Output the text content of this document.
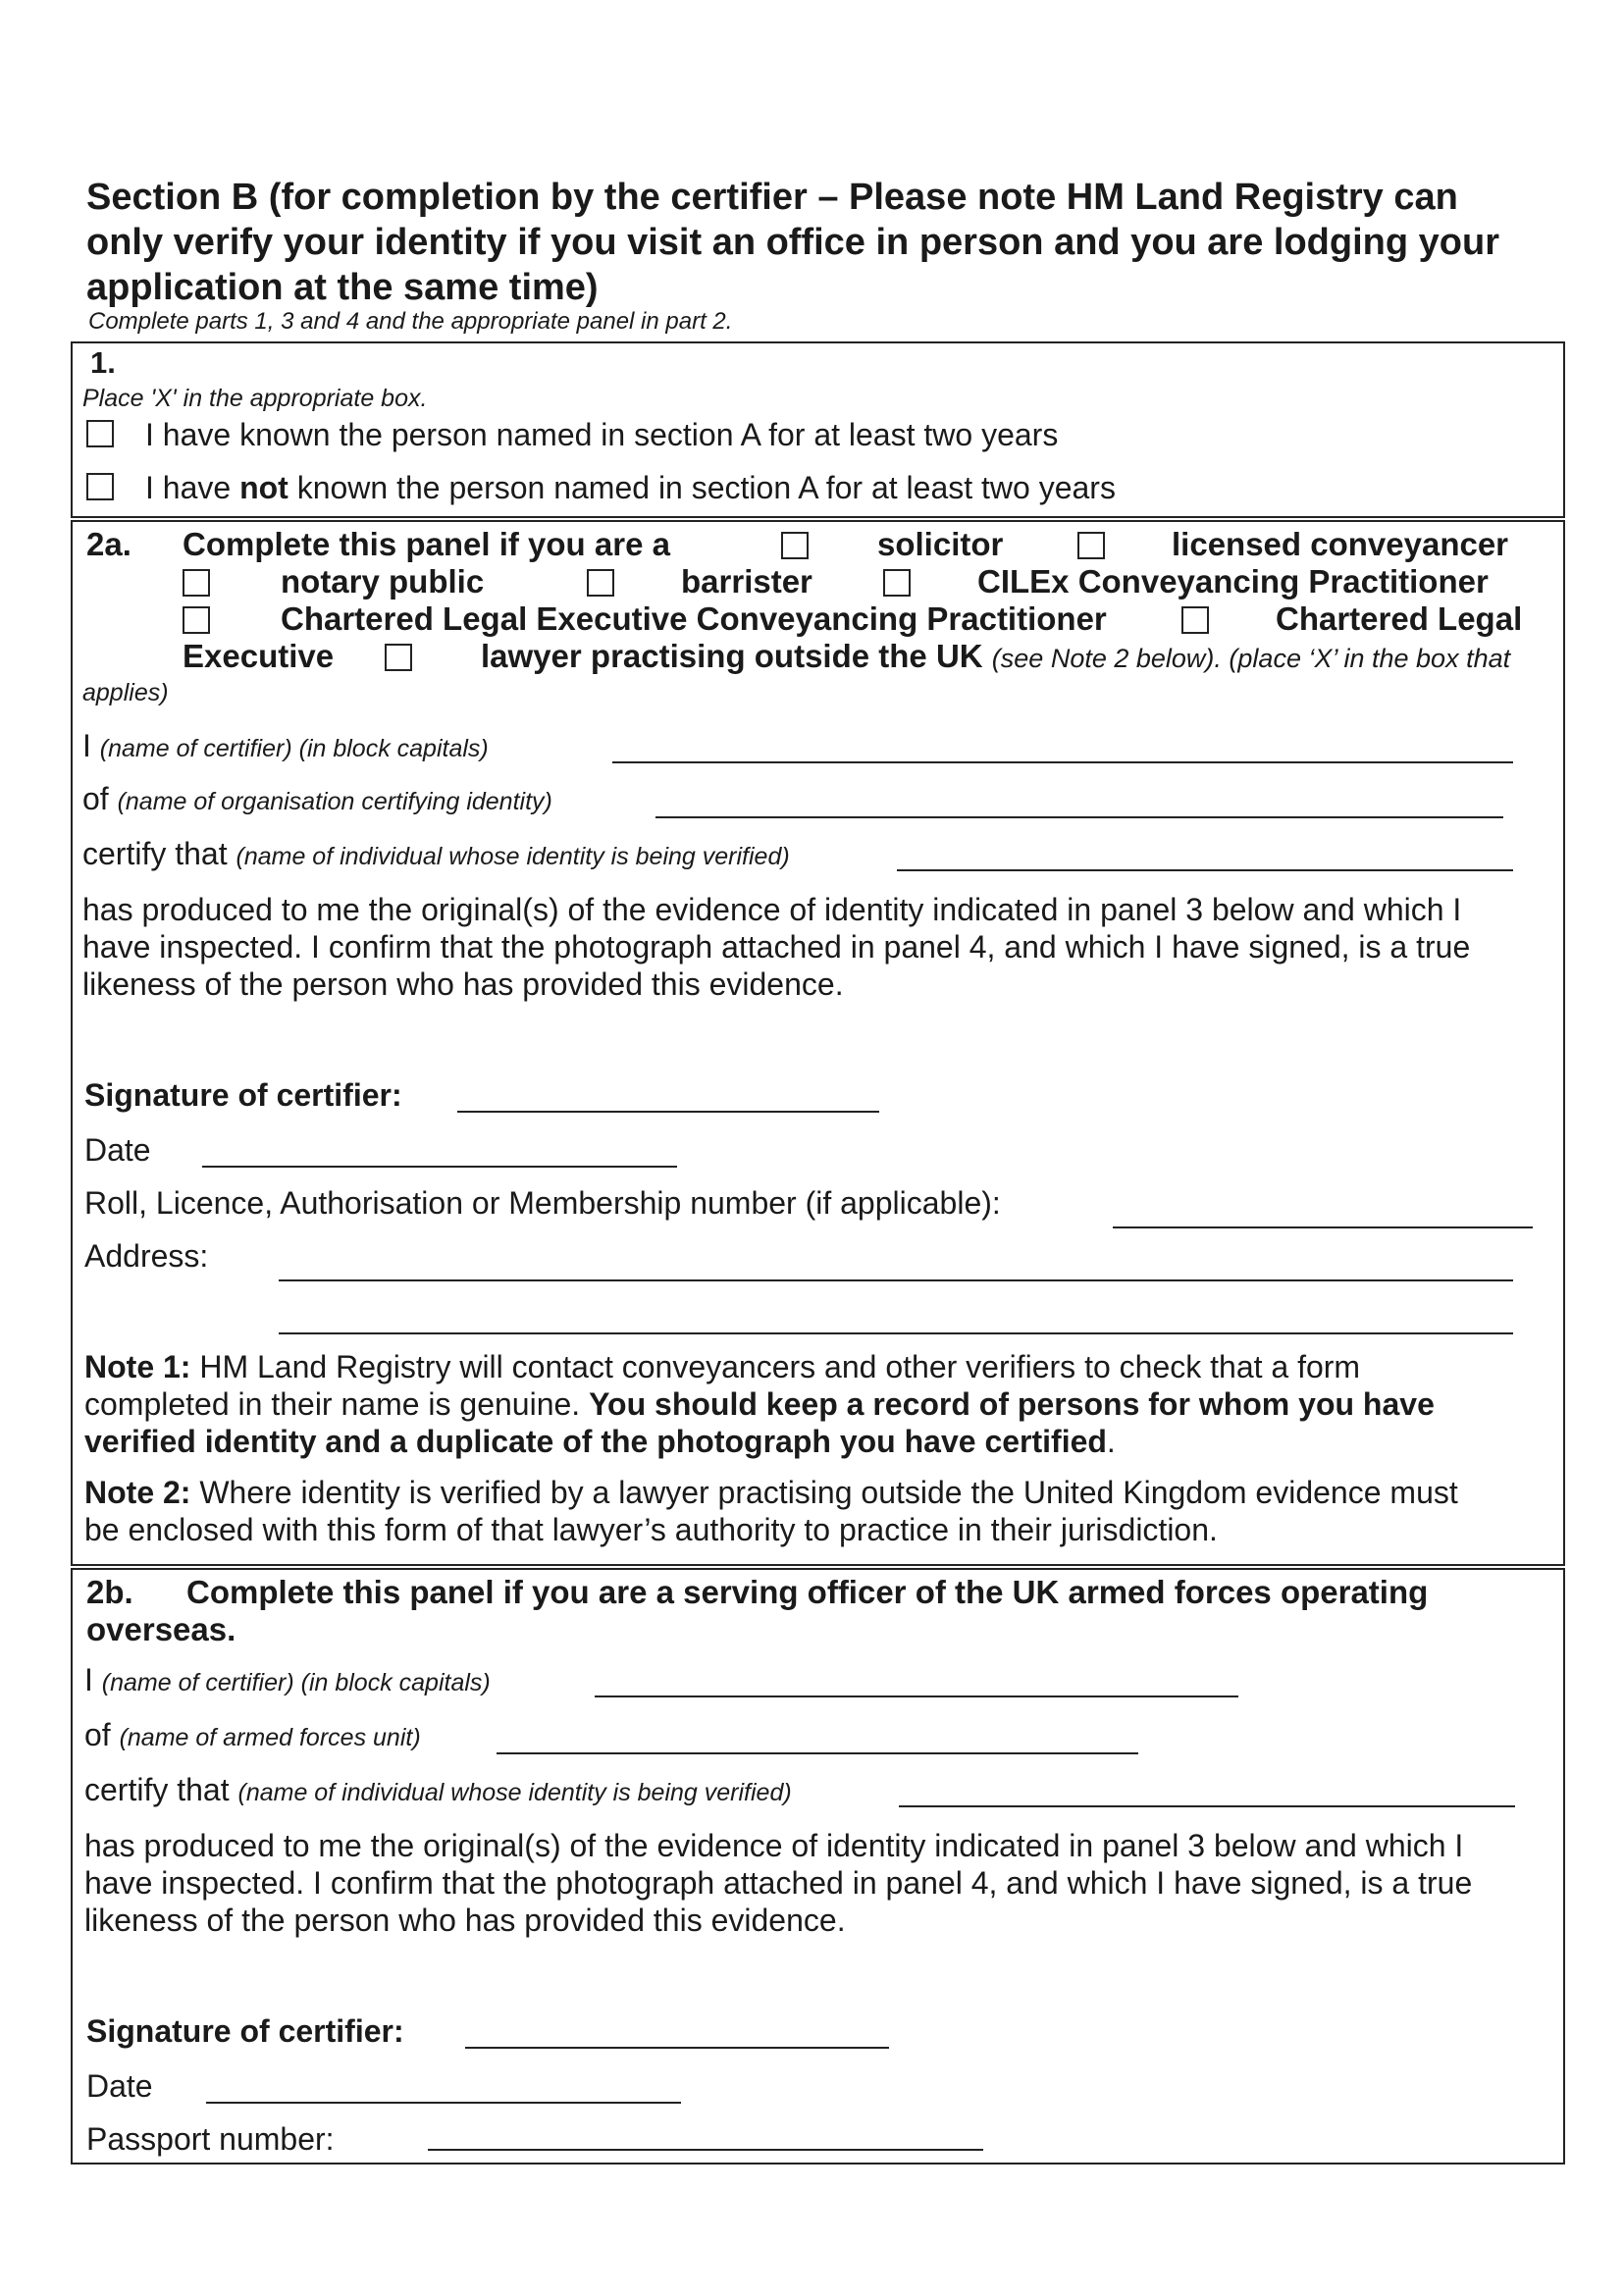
Section B (for completion by the certifier – Please note HM Land Registry can only verify your identity if you visit an office in person and you are lodging your application at the same time)
Complete parts 1, 3 and 4 and the appropriate panel in part 2.
1.
Place 'X' in the appropriate box.
I have known the person named in section A for at least two years
I have not known the person named in section A for at least two years
2a. Complete this panel if you are a	solicitor	licensed conveyancer
notary public	barrister	CILEx Conveyancing Practitioner
Chartered Legal Executive Conveyancing Practitioner	Chartered Legal
Executive	lawyer practising outside the UK (see Note 2 below). (place ‘X’ in the box that
applies)
I (name of certifier) (in block capitals)
of (name of organisation certifying identity)
certify that (name of individual whose identity is being verified)
has produced to me the original(s) of the evidence of identity indicated in panel 3 below and which I
have inspected. I confirm that the photograph attached in panel 4, and which I have signed, is a true
likeness of the person who has provided this evidence.
Signature of certifier:
Date
Roll, Licence, Authorisation or Membership number (if applicable):
Address:
Note 1: HM Land Registry will contact conveyancers and other verifiers to check that a form
completed in their name is genuine. You should keep a record of persons for whom you have
verified identity and a duplicate of the photograph you have certified.
Note 2: Where identity is verified by a lawyer practising outside the United Kingdom evidence must
be enclosed with this form of that lawyer’s authority to practice in their jurisdiction.
2b. Complete this panel if you are a serving officer of the UK armed forces operating
overseas.
I (name of certifier) (in block capitals)
of (name of armed forces unit)
certify that (name of individual whose identity is being verified)
has produced to me the original(s) of the evidence of identity indicated in panel 3 below and which I
have inspected. I confirm that the photograph attached in panel 4, and which I have signed, is a true
likeness of the person who has provided this evidence.
Signature of certifier:
Date
Passport number:
